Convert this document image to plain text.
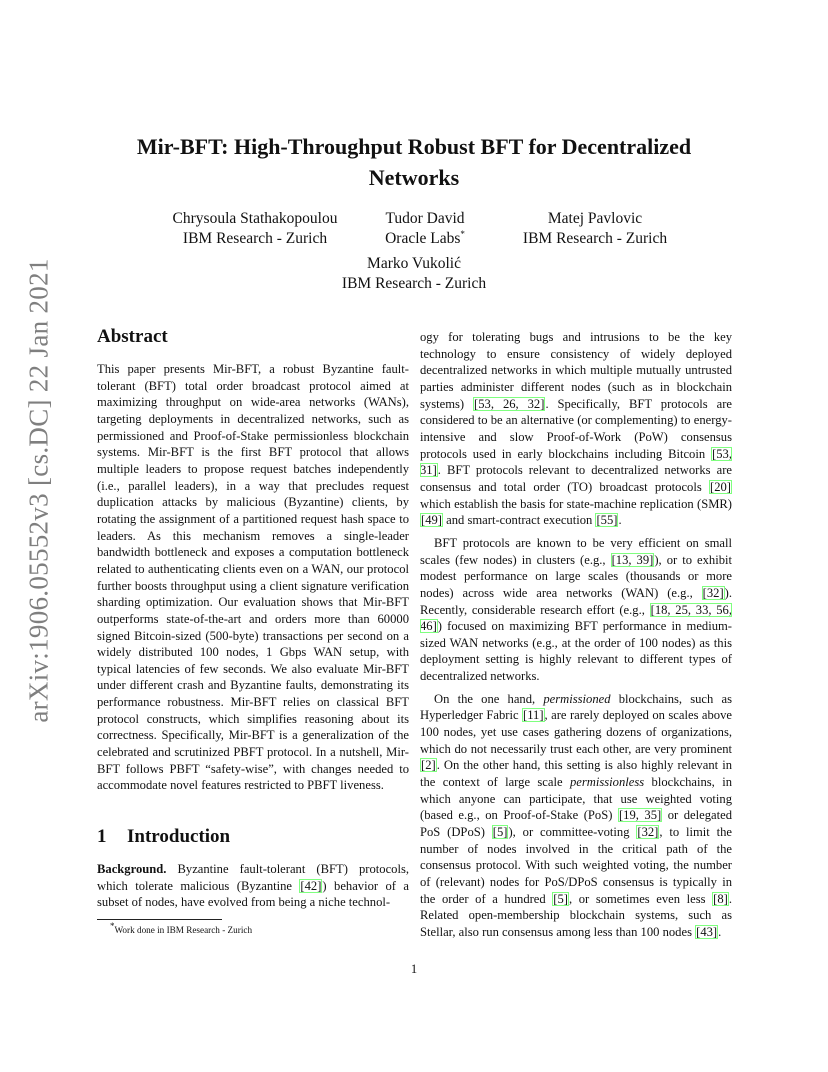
arXiv:1906.05552v3 [cs.DC] 22 Jan 2021
Mir-BFT: High-Throughput Robust BFT for Decentralized
Networks
Chrysoula Stathakopoulou
IBM Research - Zurich
Tudor David
Oracle Labs*
Matej Pavlovic
IBM Research - Zurich
Marko Vukolić
IBM Research - Zurich
Abstract

This paper presents Mir-BFT, a robust Byzantine fault-tolerant (BFT) total order broadcast protocol aimed at maximizing throughput on wide-area networks (WANs), targeting deployments in decentralized networks, such as permissioned and Proof-of-Stake permissionless blockchain systems. Mir-BFT is the first BFT protocol that allows multiple leaders to propose request batches independently (i.e., parallel leaders), in a way that precludes request duplication attacks by malicious (Byzantine) clients, by rotating the assignment of a partitioned request hash space to leaders. As this mechanism removes a single-leader bandwidth bottleneck and exposes a computation bottleneck related to authenticating clients even on a WAN, our protocol further boosts throughput using a client signature verification sharding optimization. Our evaluation shows that Mir-BFT outperforms state-of-the-art and orders more than 60000 signed Bitcoin-sized (500-byte) transactions per second on a widely distributed 100 nodes, 1 Gbps WAN setup, with typical latencies of few seconds. We also evaluate Mir-BFT under different crash and Byzantine faults, demonstrating its performance robustness. Mir-BFT relies on classical BFT protocol constructs, which simplifies reasoning about its correctness. Specifically, Mir-BFT is a generalization of the celebrated and scrutinized PBFT protocol. In a nutshell, Mir-BFT follows PBFT “safety-wise”, with changes needed to accommodate novel features restricted to PBFT liveness.

1 Introduction

Background. Byzantine fault-tolerant (BFT) protocols, which tolerate malicious (Byzantine [42]) behavior of a subset of nodes, have evolved from being a niche technol-

ogy for tolerating bugs and intrusions to be the key technology to ensure consistency of widely deployed decentralized networks in which multiple mutually untrusted parties administer different nodes (such as in blockchain systems) [53, 26, 32]. Specifically, BFT protocols are considered to be an alternative (or complementing) to energy-intensive and slow Proof-of-Work (PoW) consensus protocols used in early blockchains including Bitcoin [53, 31]. BFT protocols relevant to decentralized networks are consensus and total order (TO) broadcast protocols [20] which establish the basis for state-machine replication (SMR) [49] and smart-contract execution [55].

BFT protocols are known to be very efficient on small scales (few nodes) in clusters (e.g., [13, 39]), or to exhibit modest performance on large scales (thousands or more nodes) across wide area networks (WAN) (e.g., [32]). Recently, considerable research effort (e.g., [18, 25, 33, 56, 46]) focused on maximizing BFT performance in medium-sized WAN networks (e.g., at the order of 100 nodes) as this deployment setting is highly relevant to different types of decentralized networks.

On the one hand, permissioned blockchains, such as Hyperledger Fabric [11], are rarely deployed on scales above 100 nodes, yet use cases gathering dozens of organizations, which do not necessarily trust each other, are very prominent [2]. On the other hand, this setting is also highly relevant in the context of large scale permissionless blockchains, in which anyone can participate, that use weighted voting (based e.g., on Proof-of-Stake (PoS) [19, 35] or delegated PoS (DPoS) [5]), or committee-voting [32], to limit the number of nodes involved in the critical path of the consensus protocol. With such weighted voting, the number of (relevant) nodes for PoS/DPoS consensus is typically in the order of a hundred [5], or sometimes even less [8]. Related open-membership blockchain systems, such as Stellar, also run consensus among less than 100 nodes [43].

*Work done in IBM Research - Zurich
1
